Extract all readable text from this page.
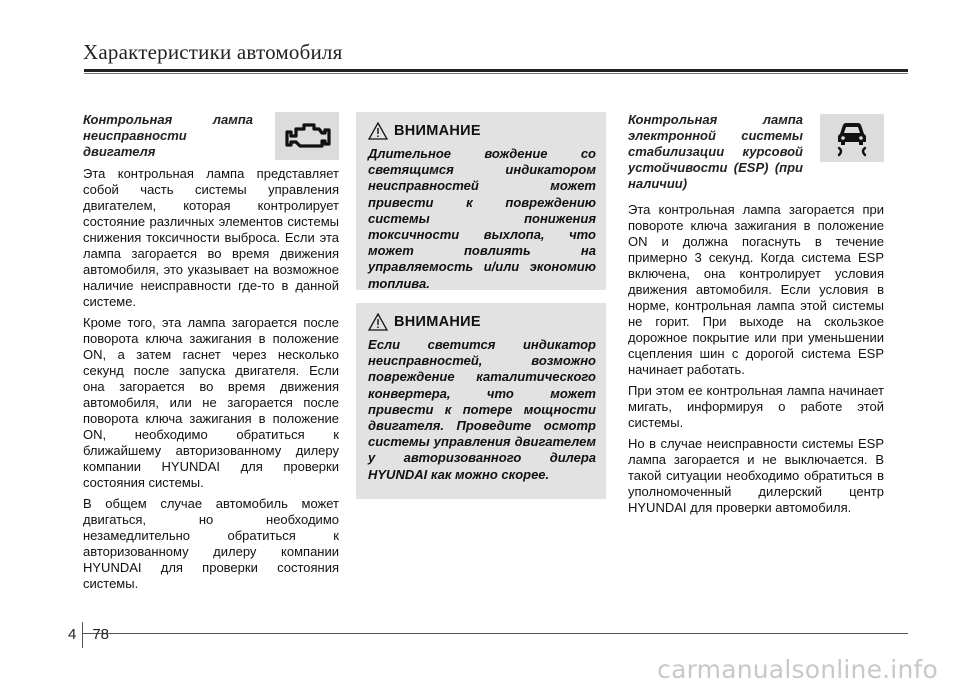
Характеристики автомобиля
Контрольная лампа неисправности двигателя

Эта контрольная лампа представляет собой часть системы управления двигателем, которая контролирует состояние различных элементов системы снижения токсичности выброса. Если эта лампа загорается во время движения автомобиля, это указывает на возможное наличие неисправности где-то в данной системе.

Кроме того, эта лампа загорается после поворота ключа зажигания в положение ON, а затем гаснет через несколько секунд после запуска двигателя. Если она загорается во время движения автомобиля, или не загорается после поворота ключа зажигания в положение ON, необходимо обратиться к ближайшему авторизованному дилеру компании HYUNDAI для проверки состояния системы.

В общем случае автомобиль может двигаться, но необходимо незамедлительно обратиться к авторизованному дилеру компании HYUNDAI для проверки состояния системы.

ВНИМАНИЕ
Длительное вождение со светящимся индикатором неисправностей может привести к повреждению системы понижения токсичности выхлопа, что может повлиять на управляемость и/или экономию топлива.
ВНИМАНИЕ
Если светится индикатор неисправностей, возможно повреждение каталитического конвертера, что может привести к потере мощности двигателя. Проведите осмотр системы управления двигателем у авторизованного дилера HYUNDAI как можно скорее.
Контрольная лампа электронной системы стабилизации курсовой устойчивости (ESP) (при наличии)

Эта контрольная лампа загорается при повороте ключа зажигания в положение ON и должна погаснуть в течение примерно 3 секунд. Когда система ESP включена, она контролирует условия движения автомобиля. Если условия в норме, контрольная лампа этой системы не горит. При выходе на скользкое дорожное покрытие или при уменьшении сцепления шин с дорогой система ESP начинает работать.

При этом ее контрольная лампа начинает мигать, информируя о работе этой системы.

Но в случае неисправности системы ESP лампа загорается и не выключается. В такой ситуации необходимо обратиться в уполномоченный дилерский центр HYUNDAI для проверки автомобиля.

4 78
carmanualsonline.info
